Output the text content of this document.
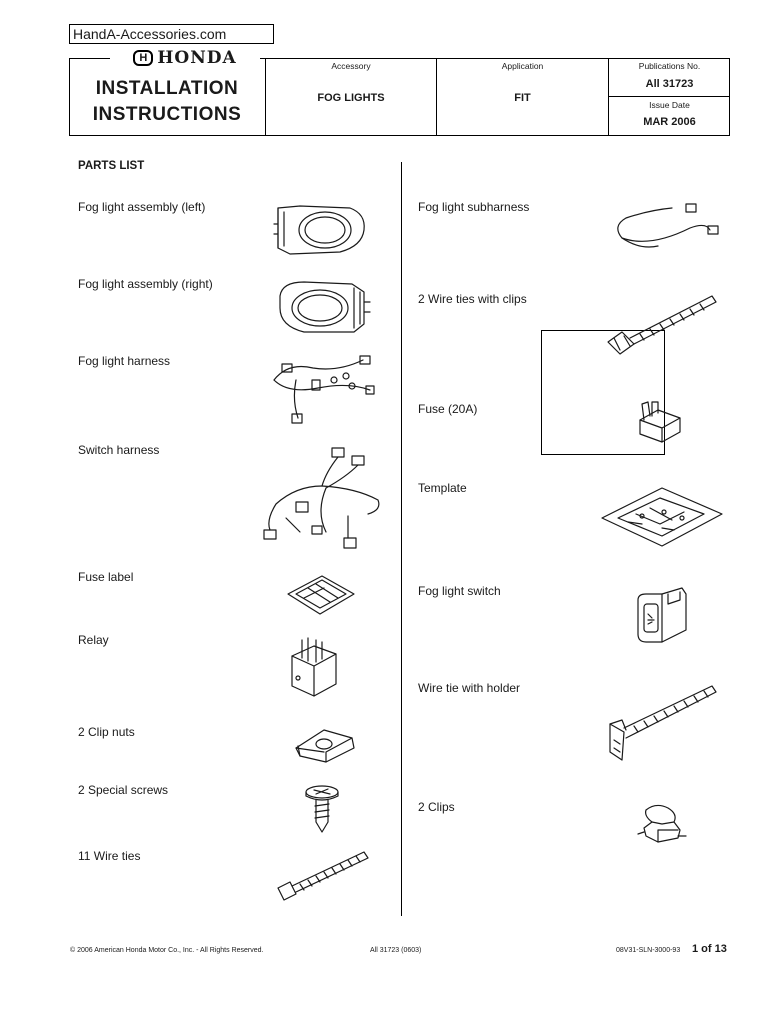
HandA-Accessories.com
H HONDA
INSTALLATION
INSTRUCTIONS
Accessory
FOG LIGHTS
Application
FIT
Publications No.
All 31723
Issue Date
MAR 2006
PARTS LIST
Fog light assembly (left)
Fog light assembly (right)
Fog light harness
Switch harness
Fuse label
Relay
2 Clip nuts
2 Special screws
11 Wire ties
Fog light subharness
2 Wire ties with clips
Fuse (20A)
Template
Fog light switch
Wire tie with holder
2 Clips
© 2006 American Honda Motor Co., Inc. - All Rights Reserved.	All 31723 (0603)	08V31-SLN-3000-93 1 of 13
